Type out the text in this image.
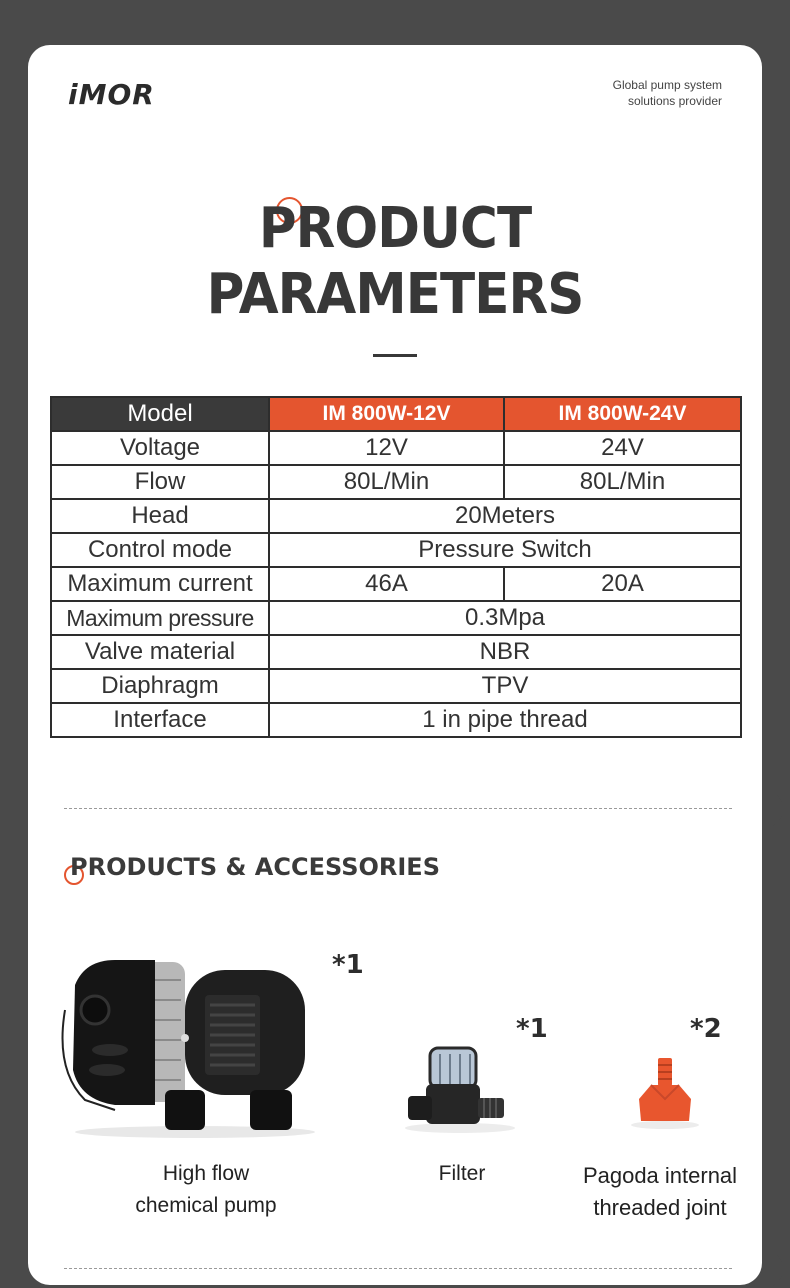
iMOR	Global pump system
solutions provider
PRODUCT
PARAMETERS
Model	IM 800W-12V	IM 800W-24V
Voltage	12V	24V
Flow	80L/Min	80L/Min
Head	20Meters	
Control mode	Pressure Switch	
Maximum current	46A	20A
Maximum pressure	0.3Mpa	
Valve material	NBR	
Diaphragm	TPV	
Interface	1 in pipe thread	
PRODUCTS & ACCESSORIES
*1
*1	*2
High flow
chemical pump
Filter	Pagoda internal
threaded joint
